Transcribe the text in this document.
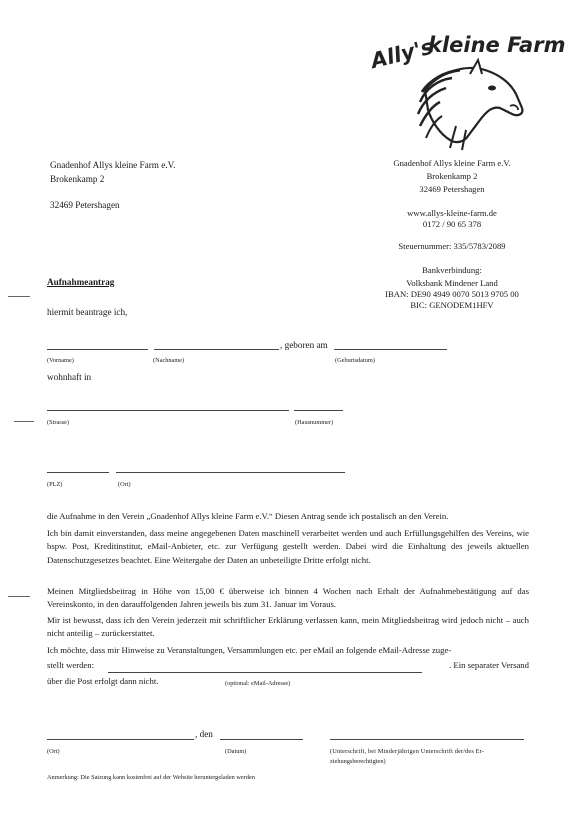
Ally's
kleine Farm
Gnadenhof Allys kleine Farm e.V.
Brokenkamp 2
32469 Petershagen
Gnadenhof Allys kleine Farm e.V.
Brokenkamp 2
32469 Petershagen
www.allys-kleine-farm.de
0172 / 90 65 378
Steuernummer: 335/5783/2089
Bankverbindung:
Volksbank Mindener Land
IBAN: DE90 4949 0070 5013 9705 00
BIC: GENODEM1HFV
Aufnahmeantrag
hiermit beantrage ich,
, geboren am
(Vorname)	(Nachname)	(Geburtsdatum)
wohnhaft in
(Strasse)	(Hausnummer)
(PLZ)	(Ort)
die Aufnahme in den Verein „Gnadenhof Allys kleine Farm e.V.“ Diesen Antrag sende ich postalisch an den Verein.
Ich bin damit einverstanden, dass meine angegebenen Daten maschinell verarbeitet werden und auch Erfüllungsgehilfen des Vereins, wie bspw. Post, Kreditinstitut, eMail-Anbieter, etc. zur Verfügung gestellt werden. Dabei wird die Einhaltung des jeweils aktuellen Datenschutzgesetzes beachtet. Eine Weitergabe der Daten an unbeteiligte Dritte erfolgt nicht.
Meinen Mitgliedsbeitrag in Höhe von 15,00 € überweise ich binnen 4 Wochen nach Erhalt der Aufnahmebestätigung auf das Vereinskonto, in den darauffolgenden Jahren jeweils bis zum 31. Januar im Voraus.
Mir ist bewusst, dass ich den Verein jederzeit mit schriftlicher Erklärung verlassen kann, mein Mitgliedsbeitrag wird jedoch nicht – auch nicht anteilig – zurückerstattet.
Ich möchte, dass mir Hinweise zu Veranstaltungen, Versammlungen etc. per eMail an folgende eMail-Adresse zuge-
stellt werden:	. Ein separater Versand
über die Post erfolgt dann nicht.	(optional: eMail-Adresse)
, den
(Ort)	(Datum)	(Unterschrift, bei Minderjährigen Unterschrift der/des Er-
ziehungsberechtigten)
Anmerkung: Die Satzung kann kostenfrei auf der Website heruntergeladen werden
